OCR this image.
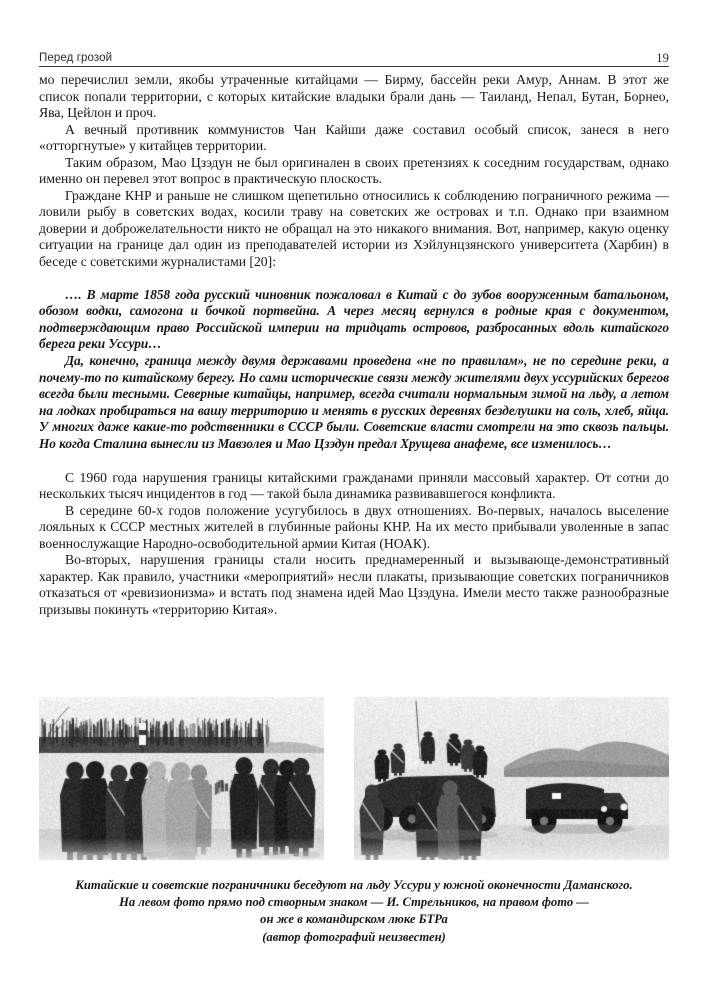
Перед грозой	19

мо перечислил земли, якобы утраченные китайцами — Бирму, бассейн реки Амур, Аннам. В этот же список попали территории, с которых китайские владыки брали дань — Таиланд, Непал, Бутан, Борнео, Ява, Цейлон и проч.

А вечный противник коммунистов Чан Кайши даже составил особый список, занеся в него «отторгнутые» у китайцев территории.

Таким образом, Мао Цзэдун не был оригинален в своих претензиях к соседним государствам, однако именно он перевел этот вопрос в практическую плоскость.

Граждане КНР и раньше не слишком щепетильно относились к соблюдению пограничного режима — ловили рыбу в советских водах, косили траву на советских же островах и т.п. Однако при взаимном доверии и доброжелательности никто не обращал на это никакого внимания. Вот, например, какую оценку ситуации на границе дал один из преподавателей истории из Хэйлунцзянского университета (Харбин) в беседе с советскими журналистами [20]:

…. В марте 1858 года русский чиновник пожаловал в Китай с до зубов вооруженным батальоном, обозом водки, самогона и бочкой портвейна. А через месяц вернулся в родные края с документом, подтверждающим право Российской империи на тридцать островов, разбросанных вдоль китайского берега реки Уссури…

Да, конечно, граница между двумя державами проведена «не по правилам», не по середине реки, а почему-то по китайскому берегу. Но сами исторические связи между жителями двух уссурийских берегов всегда были тесными. Северные китайцы, например, всегда считали нормальным зимой на льду, а летом на лодках пробираться на вашу территорию и менять в русских деревнях безделушки на соль, хлеб, яйца. У многих даже какие-то родственники в СССР были. Советские власти смотрели на это сквозь пальцы. Но когда Сталина вынесли из Мавзолея и Мао Цзэдун предал Хрущева анафеме, все изменилось…

С 1960 года нарушения границы китайскими гражданами приняли массовый характер. От сотни до нескольких тысяч инцидентов в год — такой была динамика развивавшегося конфликта.

В середине 60-х годов положение усугубилось в двух отношениях. Во-первых, началось выселение лояльных к СССР местных жителей в глубинные районы КНР. На их место прибывали уволенные в запас военнослужащие Народно-освободительной армии Китая (НОАК).

Во-вторых, нарушения границы стали носить преднамеренный и вызывающе-демонстративный характер. Как правило, участники «мероприятий» несли плакаты, призывающие советских пограничников отказаться от «ревизионизма» и встать под знамена идей Мао Цзэдуна. Имели место также разнообразные призывы покинуть «территорию Китая».

Китайские и советские пограничники беседуют на льду Уссури у южной оконечности Даманского.
На левом фото прямо под створным знаком — И. Стрельников, на правом фото —
он же в командирском люке БТРа
(автор фотографий неизвестен)
